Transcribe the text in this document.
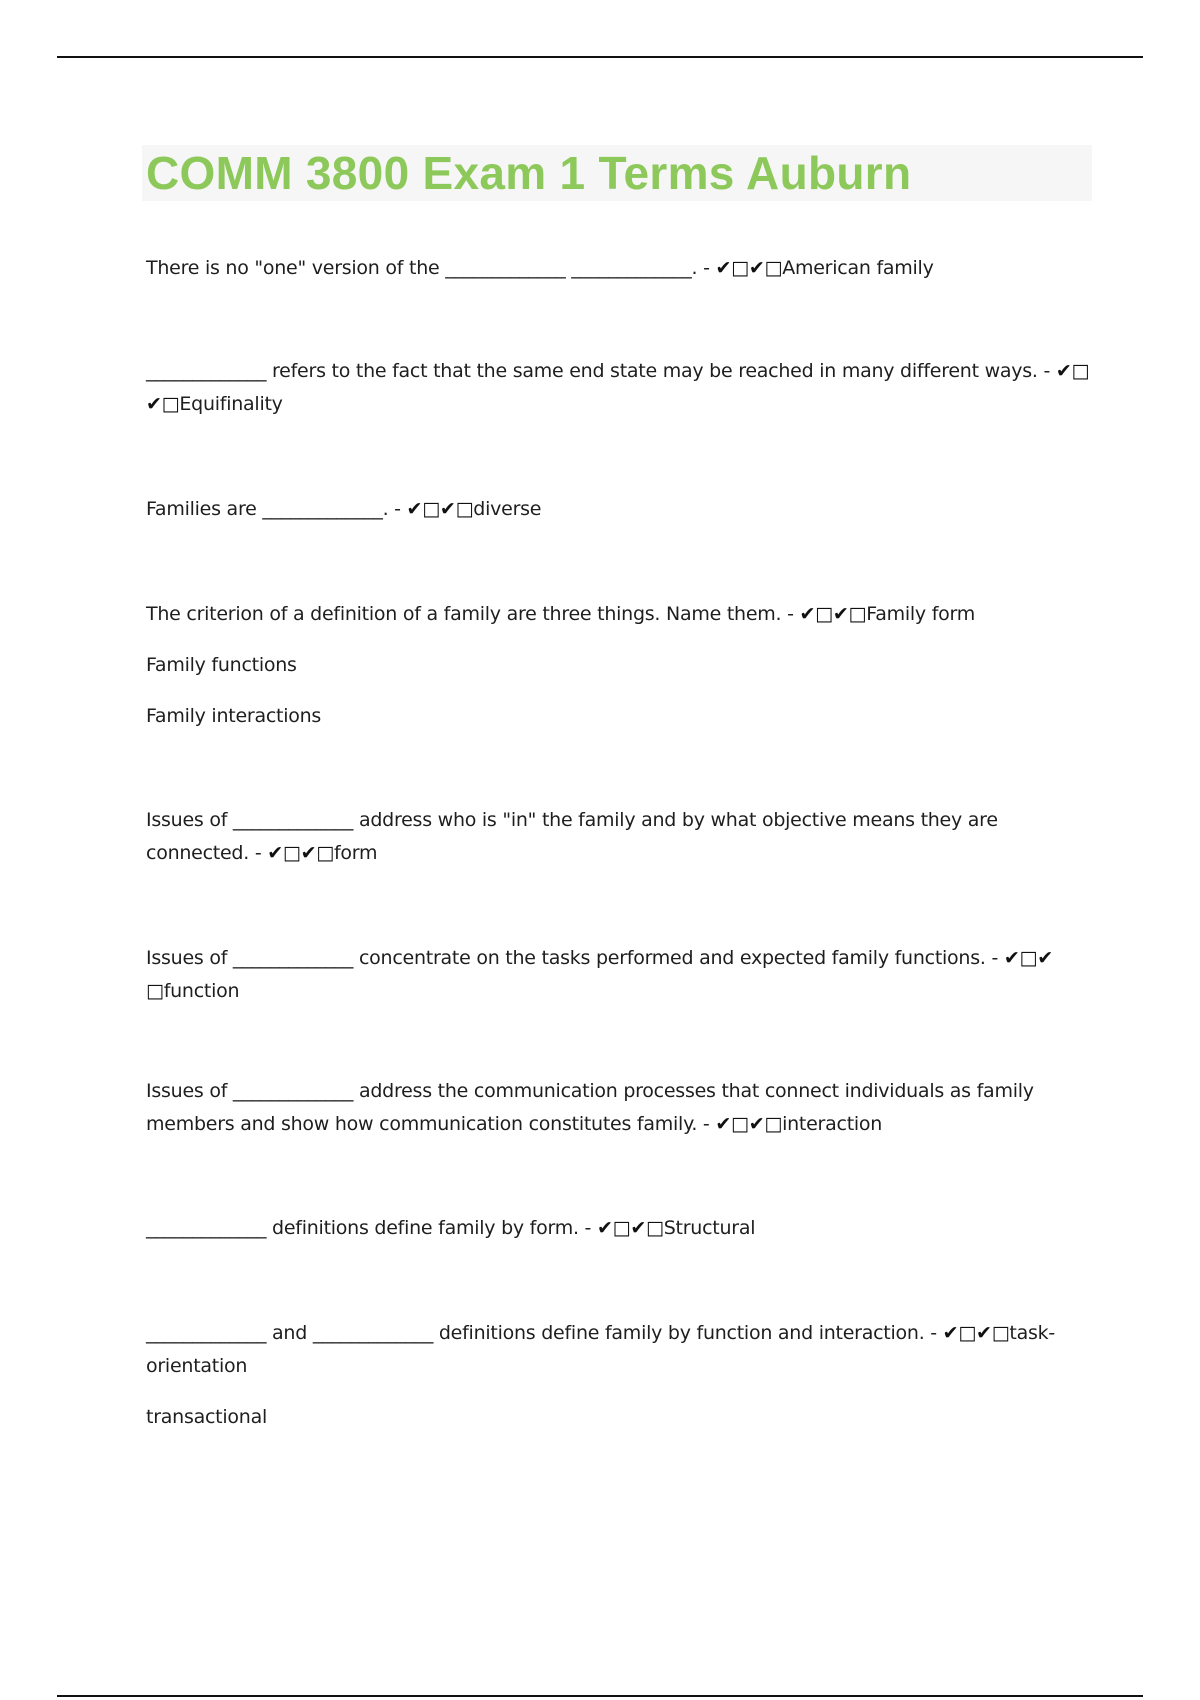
COMM 3800 Exam 1 Terms Auburn

There is no "one" version of the _____________ _____________. - ✔□✔□American family

_____________ refers to the fact that the same end state may be reached in many different ways. - ✔□ ✔□Equifinality

Families are _____________. - ✔□✔□diverse

The criterion of a definition of a family are three things. Name them. - ✔□✔□Family form
Family functions
Family interactions

Issues of _____________ address who is "in" the family and by what objective means they are connected. - ✔□✔□form

Issues of _____________ concentrate on the tasks performed and expected family functions. - ✔□✔ □function

Issues of _____________ address the communication processes that connect individuals as family members and show how communication constitutes family. - ✔□✔□interaction

_____________ definitions define family by form. - ✔□✔□Structural

_____________ and _____________ definitions define family by function and interaction. - ✔□✔□task-orientation
transactional
